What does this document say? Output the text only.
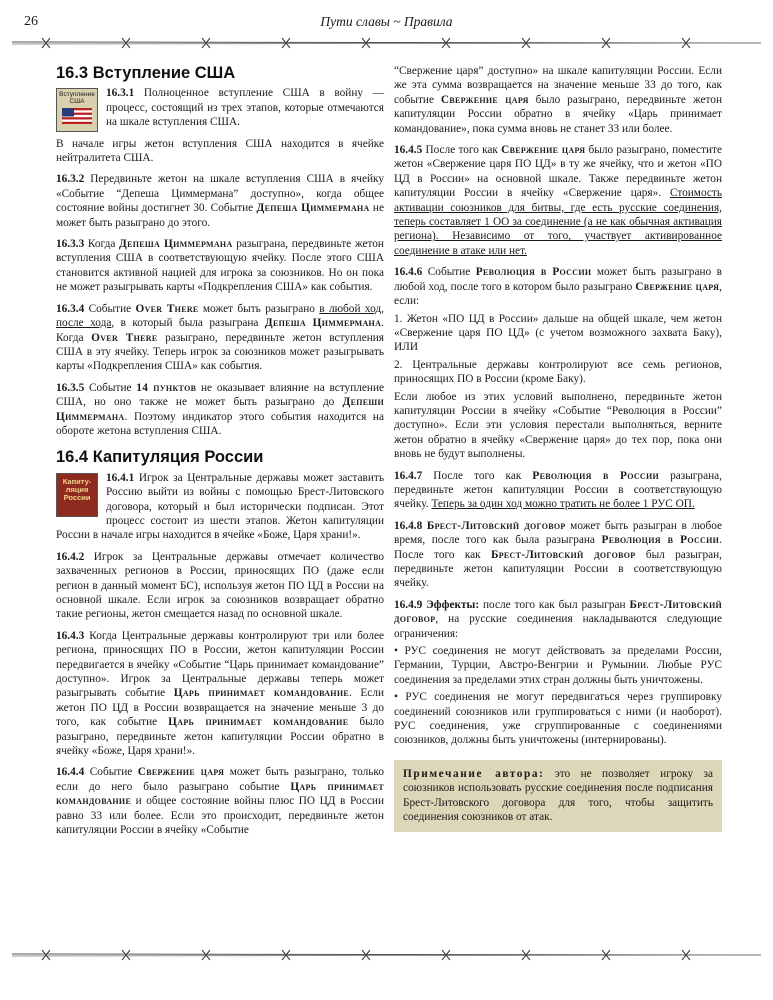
26	Пути славы ~ Правила
16.3 Вступление США

Вступление США
16.3.1 Полноценное вступление США в войну — процесс, состоящий из трех этапов, которые отмечаются на шкале вступления США.

В начале игры жетон вступления США находится в ячейке нейтралитета США.

16.3.2 Передвиньте жетон на шкале вступления США в ячейку «Событие “Депеша Циммермана” доступно», когда общее состояние войны достигнет 30. Событие Депеша Циммермана не может быть разыграно до этого.

16.3.3 Когда Депеша Циммермана разыграна, передвиньте жетон вступления США в соответствующую ячейку. После этого США становится активной нацией для игрока за союзников. Но он пока не может разыгрывать карты «Подкрепления США» как события.

16.3.4 Событие Over There может быть разыграно в любой ход, после хода, в который была разыграна Депеша Циммермана. Когда Over There разыграно, передвиньте жетон вступления США в эту ячейку. Теперь игрок за союзников может разыгрывать карты «Подкрепления США» как события.

16.3.5 Событие 14 пунктов не оказывает влияние на вступление США, но оно также не может быть разыграно до Депеши Циммермана. Поэтому индикатор этого события находится на обороте жетона вступления США.

16.4 Капитуляция России

Капиту-ляция России
16.4.1 Игрок за Центральные державы может заставить Россию выйти из войны с помощью Брест-Литовского договора, который и был исторически подписан. Этот процесс состоит из шести этапов. Жетон капитуляции России в начале игры находится в ячейке «Боже, Царя храни!».

16.4.2 Игрок за Центральные державы отмечает количество захваченных регионов в России, приносящих ПО (даже если регион в данный момент БС), используя жетон ПО ЦД в России на основной шкале. Если игрок за союзников возвращает обратно такие регионы, жетон смещается назад по основной шкале.

16.4.3 Когда Центральные державы контролируют три или более региона, приносящих ПО в России, жетон капитуляции России передвигается в ячейку «Событие “Царь принимает командование” доступно». Игрок за Центральные державы теперь может разыгрывать событие Царь принимает командование. Если жетон ПО ЦД в России возвращается на значение меньше 3 до того, как событие Царь принимает командование было разыграно, передвиньте жетон капитуляции России обратно в ячейку «Боже, Царя храни!».

16.4.4 Событие Свержение царя может быть разыграно, только если до него было разыграно событие Царь принимает командование и общее состояние войны плюс ПО ЦД в России равно 33 или более. Если это происходит, передвиньте жетон капитуляции России в ячейку «Событие

“Свержение царя” доступно» на шкале капитуляции России. Если же эта сумма возвращается на значение меньше 33 до того, как событие Свержение царя было разыграно, передвиньте жетон капитуляции России обратно в ячейку «Царь принимает командование», пока сумма вновь не станет 33 или более.

16.4.5 После того как Свержение царя было разыграно, поместите жетон «Свержение царя ПО ЦД» в ту же ячейку, что и жетон «ПО ЦД в России» на основной шкале. Также передвиньте жетон капитуляции России в ячейку «Свержение царя». Стоимость активации союзников для битвы, где есть русские соединения, теперь составляет 1 ОО за соединение (а не как обычная активация региона). Независимо от того, участвует активированное соединение в атаке или нет.

16.4.6 Событие Революция в России может быть разыграно в любой ход, после того в котором было разыграно Свержение царя, если:

1. Жетон «ПО ЦД в России» дальше на общей шкале, чем жетон «Свержение царя ПО ЦД» (с учетом возможного захвата Баку), ИЛИ

2. Центральные державы контролируют все семь регионов, приносящих ПО в России (кроме Баку).

Если любое из этих условий выполнено, передвиньте жетон капитуляции России в ячейку «Событие “Революция в России” доступно». Если эти условия перестали выполняться, верните жетон обратно в ячейку «Свержение царя» до тех пор, пока они вновь не будут выполнены.

16.4.7 После того как Революция в России разыграна, передвиньте жетон капитуляции России в соответствующую ячейку. Теперь за один ход можно тратить не более 1 РУС ОП.

16.4.8 Брест-Литовский договор может быть разыгран в любое время, после того как была разыграна Революция в России. После того как Брест-Литовский договор был разыгран, передвиньте жетон капитуляции России в соответствующую ячейку.

16.4.9 Эффекты: после того как был разыгран Брест-Литовский договор, на русские соединения накладываются следующие ограничения:

• РУС соединения не могут действовать за пределами России, Германии, Турции, Австро-Венгрии и Румынии. Любые РУС соединения за пределами этих стран должны быть уничтожены.

• РУС соединения не могут передвигаться через группировку соединений союзников или группироваться с ними (и наоборот). РУС соединения, уже сгруппированные с соединениями союзников, должны быть уничтожены (интернированы).

Примечание автора: это не позволяет игроку за союзников использовать русские соединения после подписания Брест-Литовского договора для того, чтобы защитить соединения союзников от атак.
